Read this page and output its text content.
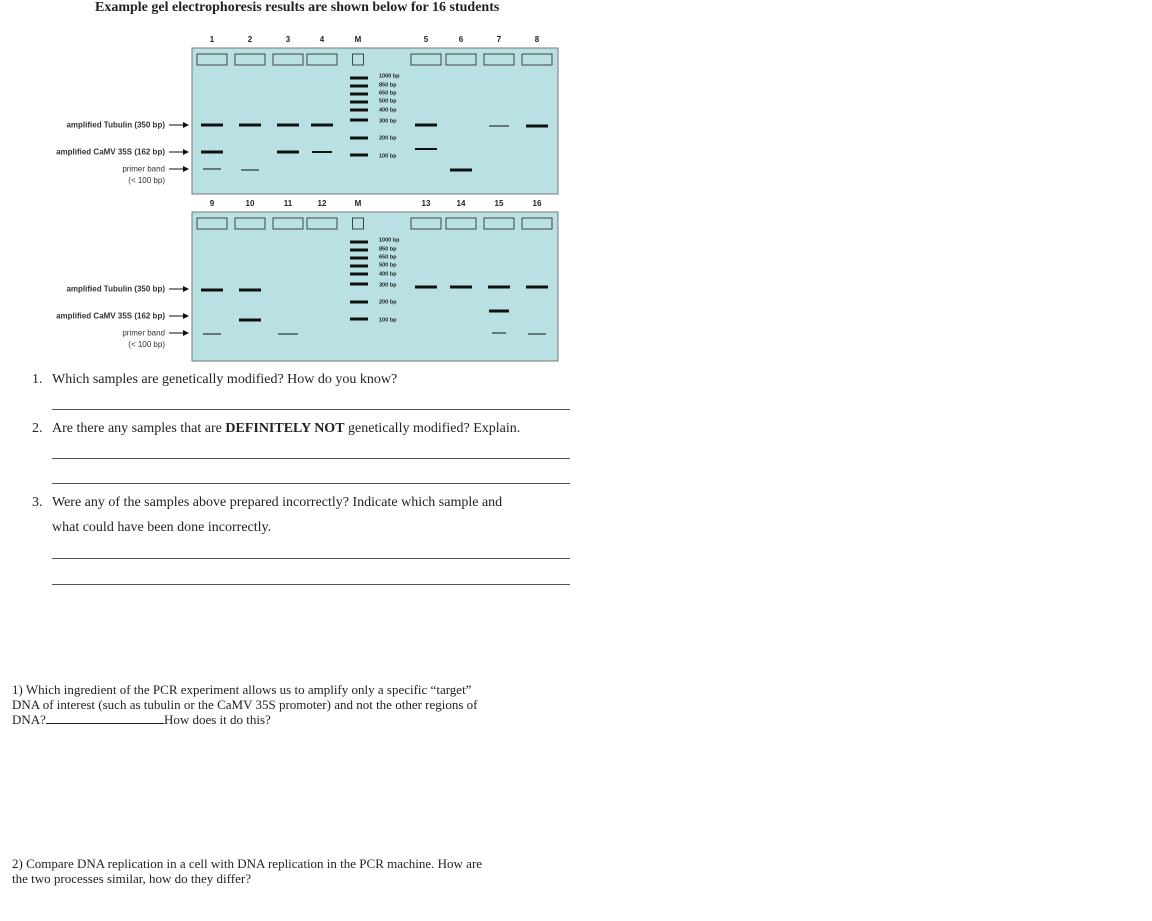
Example gel electrophoresis results are shown below for 16 students
1	2	3	4	M	5	6	7	8
1000 bp
850 bp
650 bp
500 bp
400 bp
300 bp
200 bp
100 bp
amplified Tubulin (350 bp)
amplified CaMV 35S (162 bp)
primer band
(< 100 bp)
9	10	11	12	M	13	14	15	16
1000 bp
850 bp
650 bp
500 bp
400 bp
300 bp
200 bp
100 bp
amplified Tubulin (350 bp)
amplified CaMV 35S (162 bp)
primer band
(< 100 bp)
1. Which samples are genetically modified? How do you know?
2. Are there any samples that are DEFINITELY NOT genetically modified? Explain.
3. Were any of the samples above prepared incorrectly? Indicate which sample and
what could have been done incorrectly.
1) Which ingredient of the PCR experiment allows us to amplify only a specific “target”
DNA of interest (such as tubulin or the CaMV 35S promoter) and not the other regions of
DNA?	How does it do this?
2) Compare DNA replication in a cell with DNA replication in the PCR machine. How are
the two processes similar, how do they differ?
